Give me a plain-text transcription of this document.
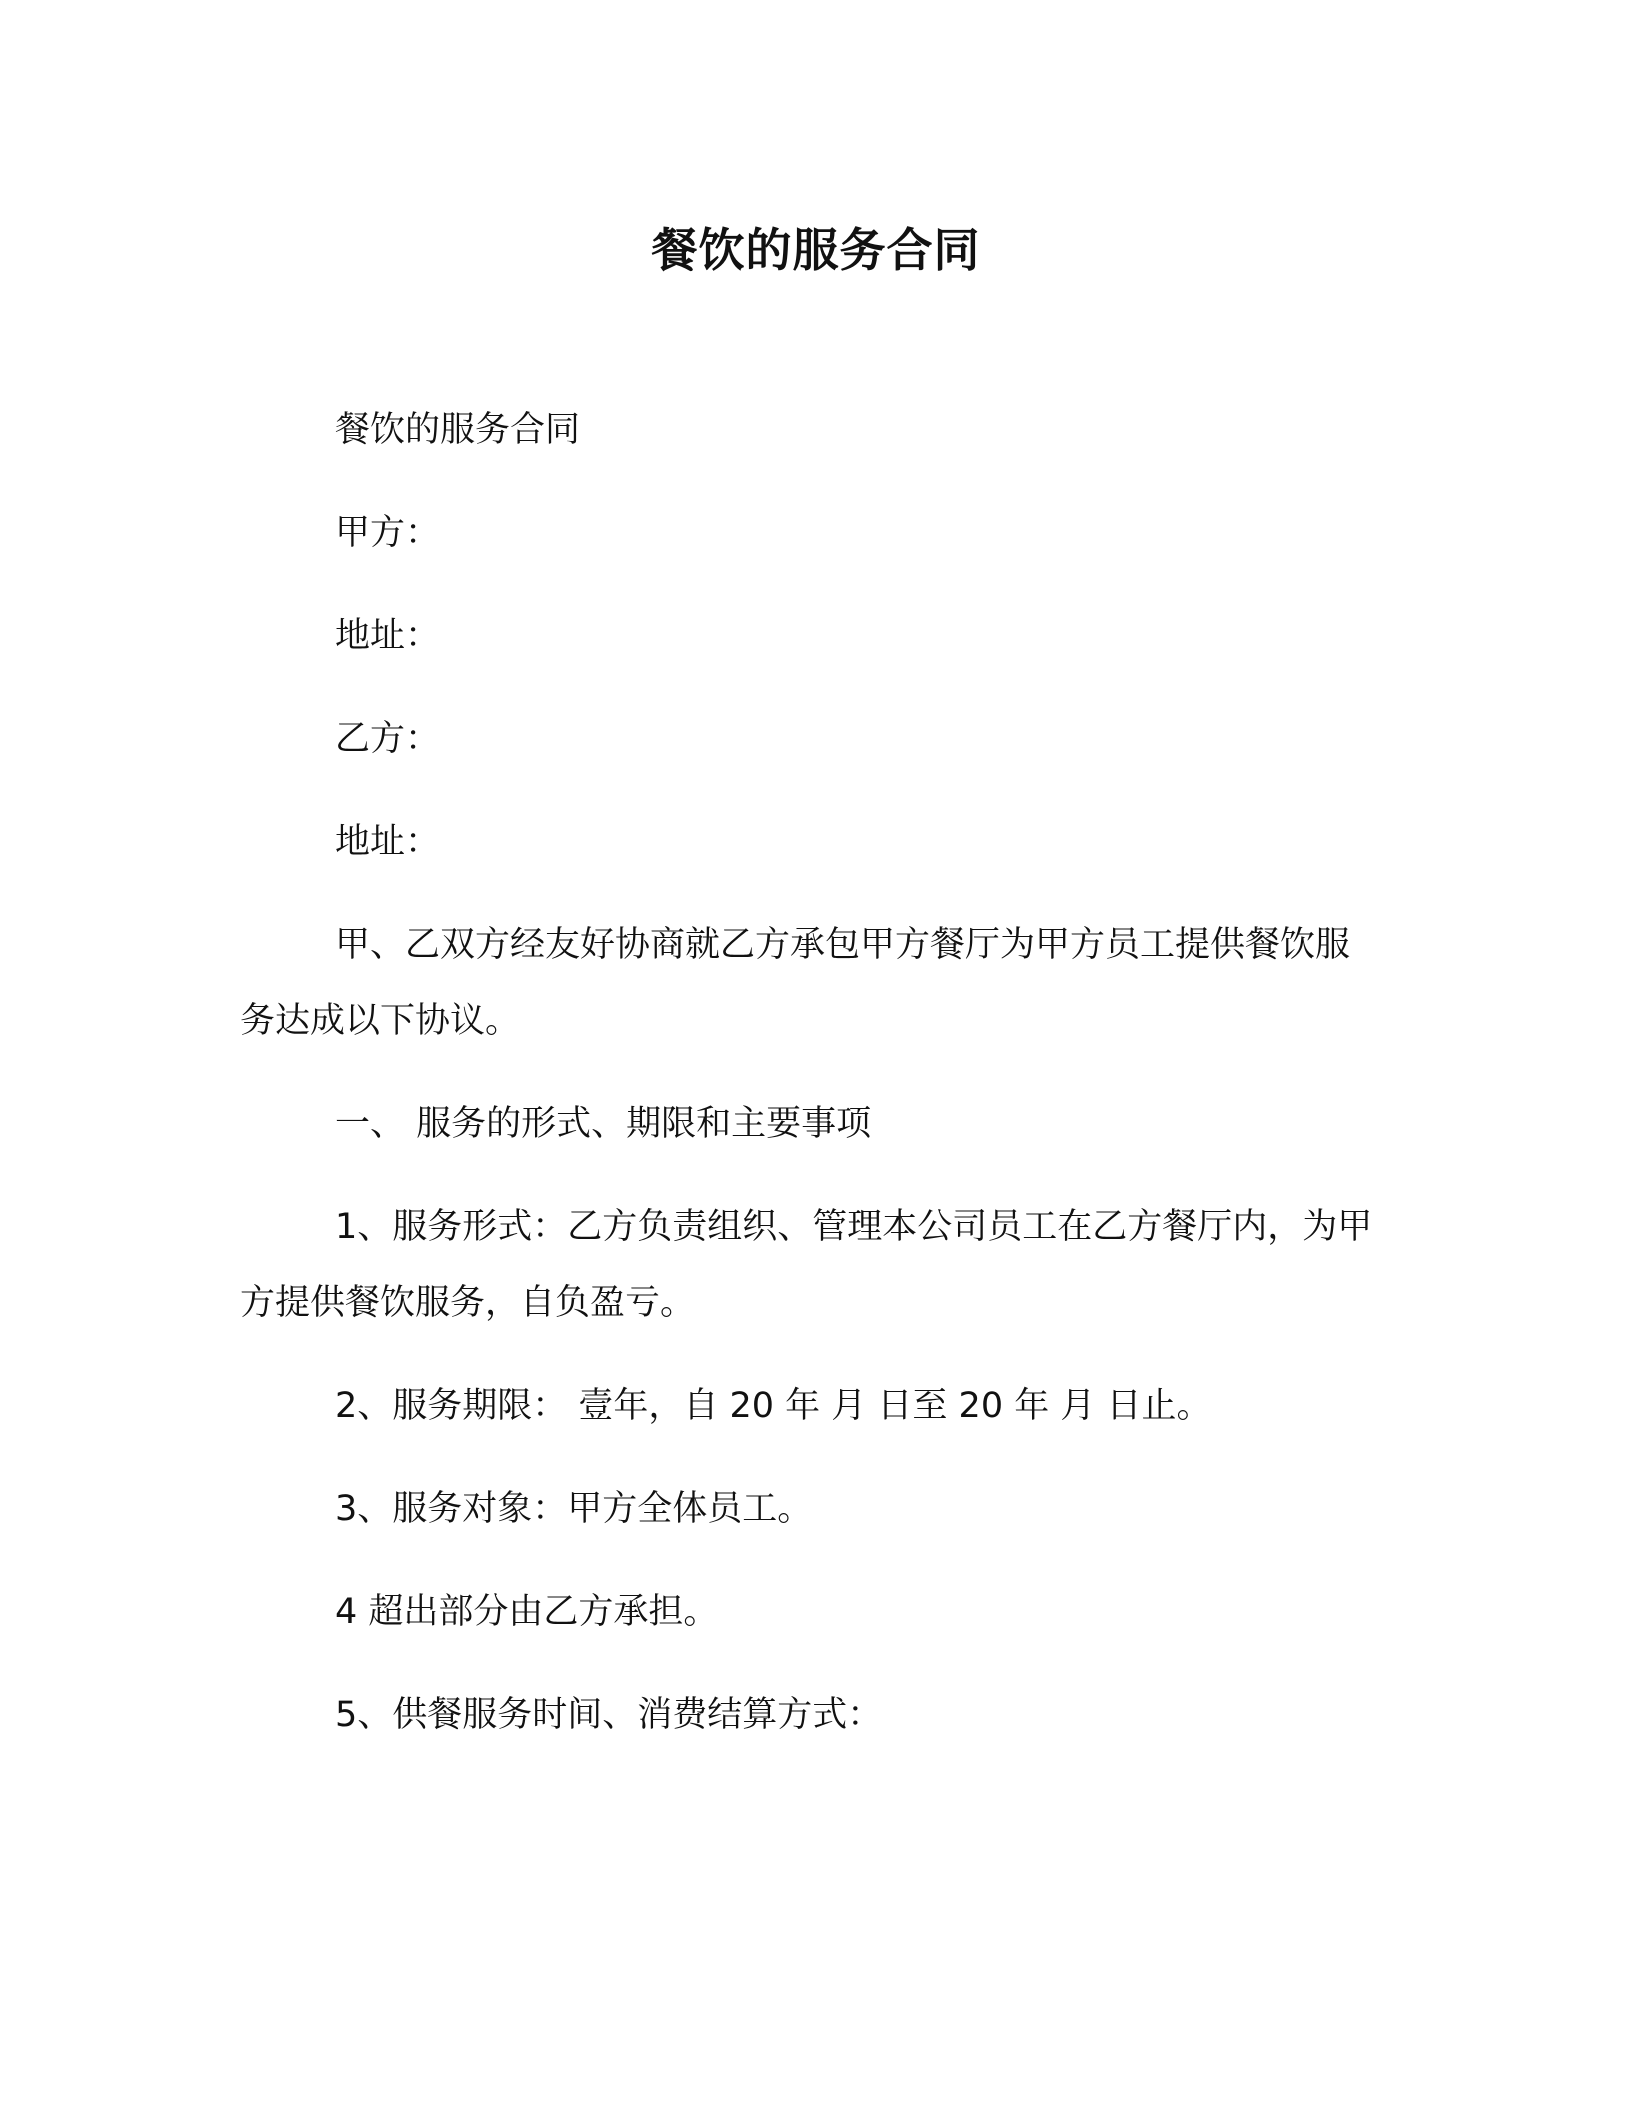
餐饮的服务合同

餐饮的服务合同

甲方：

地址：

乙方：

地址：

甲、乙双方经友好协商就乙方承包甲方餐厅为甲方员工提供餐饮服务达成以下协议。

一、 服务的形式、期限和主要事项

1、服务形式：乙方负责组织、管理本公司员工在乙方餐厅内，为甲方提供餐饮服务，自负盈亏。

2、服务期限： 壹年，自 20 年 月 日至 20 年 月 日止。

3、服务对象：甲方全体员工。

4 超出部分由乙方承担。

5、供餐服务时间、消费结算方式：
